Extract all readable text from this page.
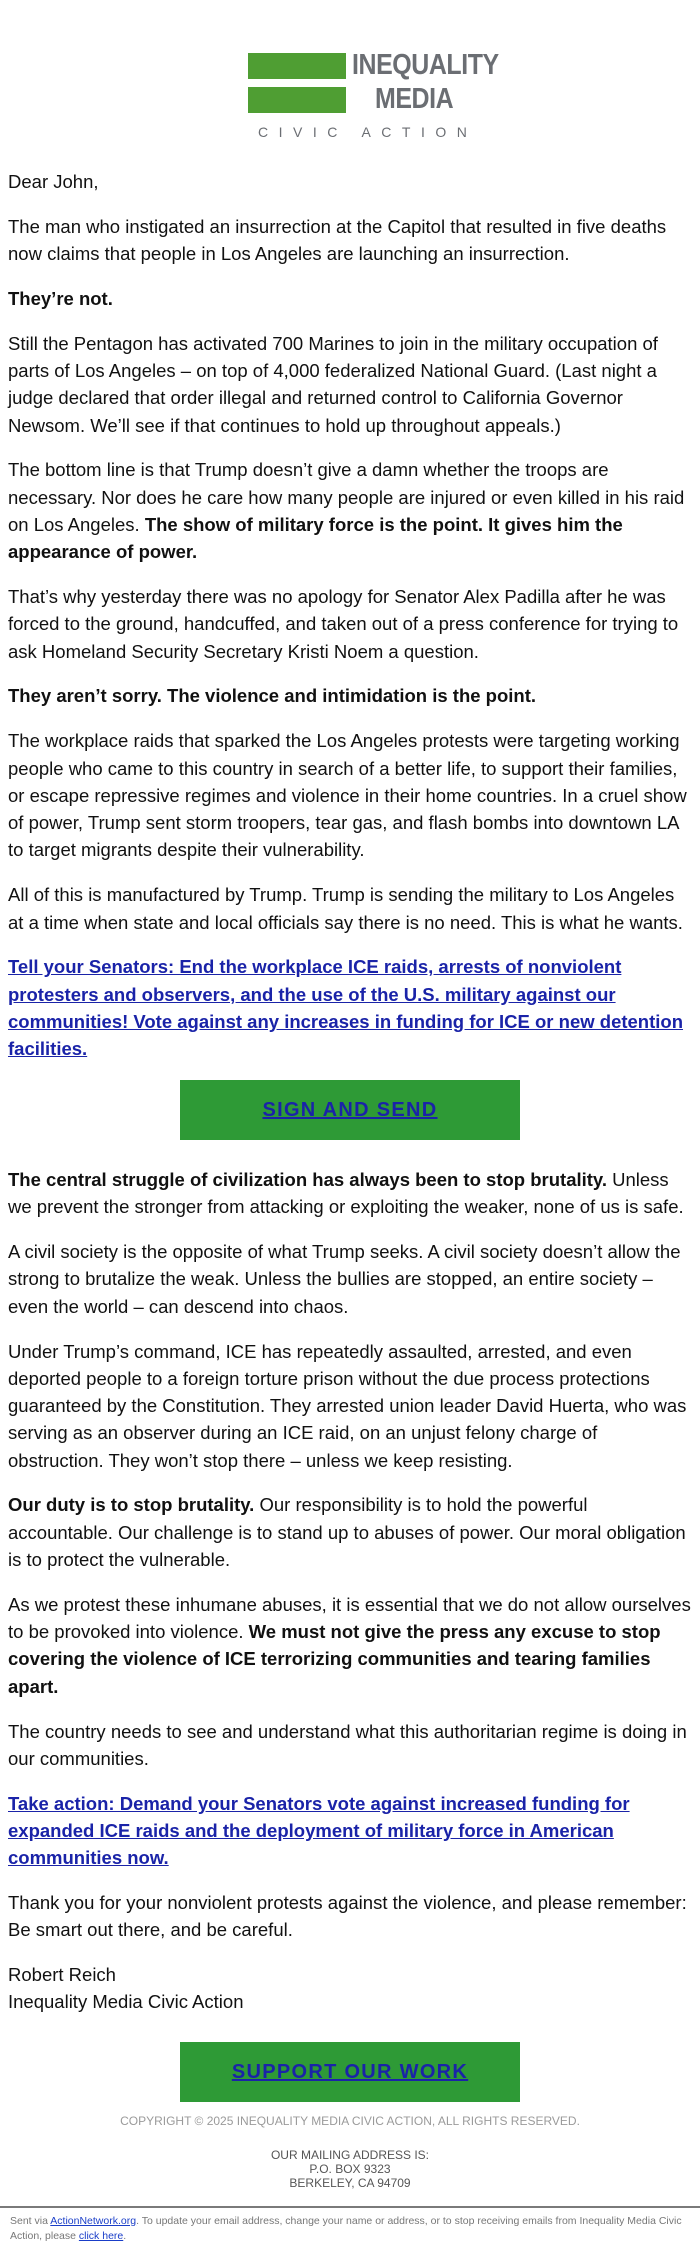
INEQUALITY
MEDIA
CIVIC ACTION

Dear John,

The man who instigated an insurrection at the Capitol that resulted in five deaths now claims that people in Los Angeles are launching an insurrection.

They’re not.

Still the Pentagon has activated 700 Marines to join in the military occupation of parts of Los Angeles – on top of 4,000 federalized National Guard. (Last night a judge declared that order illegal and returned control to California Governor Newsom. We’ll see if that continues to hold up throughout appeals.)

The bottom line is that Trump doesn’t give a damn whether the troops are necessary. Nor does he care how many people are injured or even killed in his raid on Los Angeles. The show of military force is the point. It gives him the appearance of power.

That’s why yesterday there was no apology for Senator Alex Padilla after he was forced to the ground, handcuffed, and taken out of a press conference for trying to ask Homeland Security Secretary Kristi Noem a question.

They aren’t sorry. The violence and intimidation is the point.

The workplace raids that sparked the Los Angeles protests were targeting working people who came to this country in search of a better life, to support their families, or escape repressive regimes and violence in their home countries. In a cruel show of power, Trump sent storm troopers, tear gas, and flash bombs into downtown LA to target migrants despite their vulnerability.

All of this is manufactured by Trump. Trump is sending the military to Los Angeles at a time when state and local officials say there is no need. This is what he wants.

Tell your Senators: End the workplace ICE raids, arrests of nonviolent protesters and observers, and the use of the U.S. military against our communities! Vote against any increases in funding for ICE or new detention facilities.

SIGN AND SEND

The central struggle of civilization has always been to stop brutality. Unless we prevent the stronger from attacking or exploiting the weaker, none of us is safe.

A civil society is the opposite of what Trump seeks. A civil society doesn’t allow the strong to brutalize the weak. Unless the bullies are stopped, an entire society – even the world – can descend into chaos.

Under Trump’s command, ICE has repeatedly assaulted, arrested, and even deported people to a foreign torture prison without the due process protections guaranteed by the Constitution. They arrested union leader David Huerta, who was serving as an observer during an ICE raid, on an unjust felony charge of obstruction. They won’t stop there – unless we keep resisting.

Our duty is to stop brutality. Our responsibility is to hold the powerful accountable. Our challenge is to stand up to abuses of power. Our moral obligation is to protect the vulnerable.

As we protest these inhumane abuses, it is essential that we do not allow ourselves to be provoked into violence. We must not give the press any excuse to stop covering the violence of ICE terrorizing communities and tearing families apart.

The country needs to see and understand what this authoritarian regime is doing in our communities.

Take action: Demand your Senators vote against increased funding for expanded ICE raids and the deployment of military force in American communities now.

Thank you for your nonviolent protests against the violence, and please remember: Be smart out there, and be careful.

Robert Reich
Inequality Media Civic Action

SUPPORT OUR WORK
COPYRIGHT © 2025 INEQUALITY MEDIA CIVIC ACTION, ALL RIGHTS RESERVED.
OUR MAILING ADDRESS IS:
P.O. BOX 9323
BERKELEY, CA 94709
Sent via ActionNetwork.org. To update your email address, change your name or address, or to stop receiving emails from Inequality Media Civic Action, please click here.
